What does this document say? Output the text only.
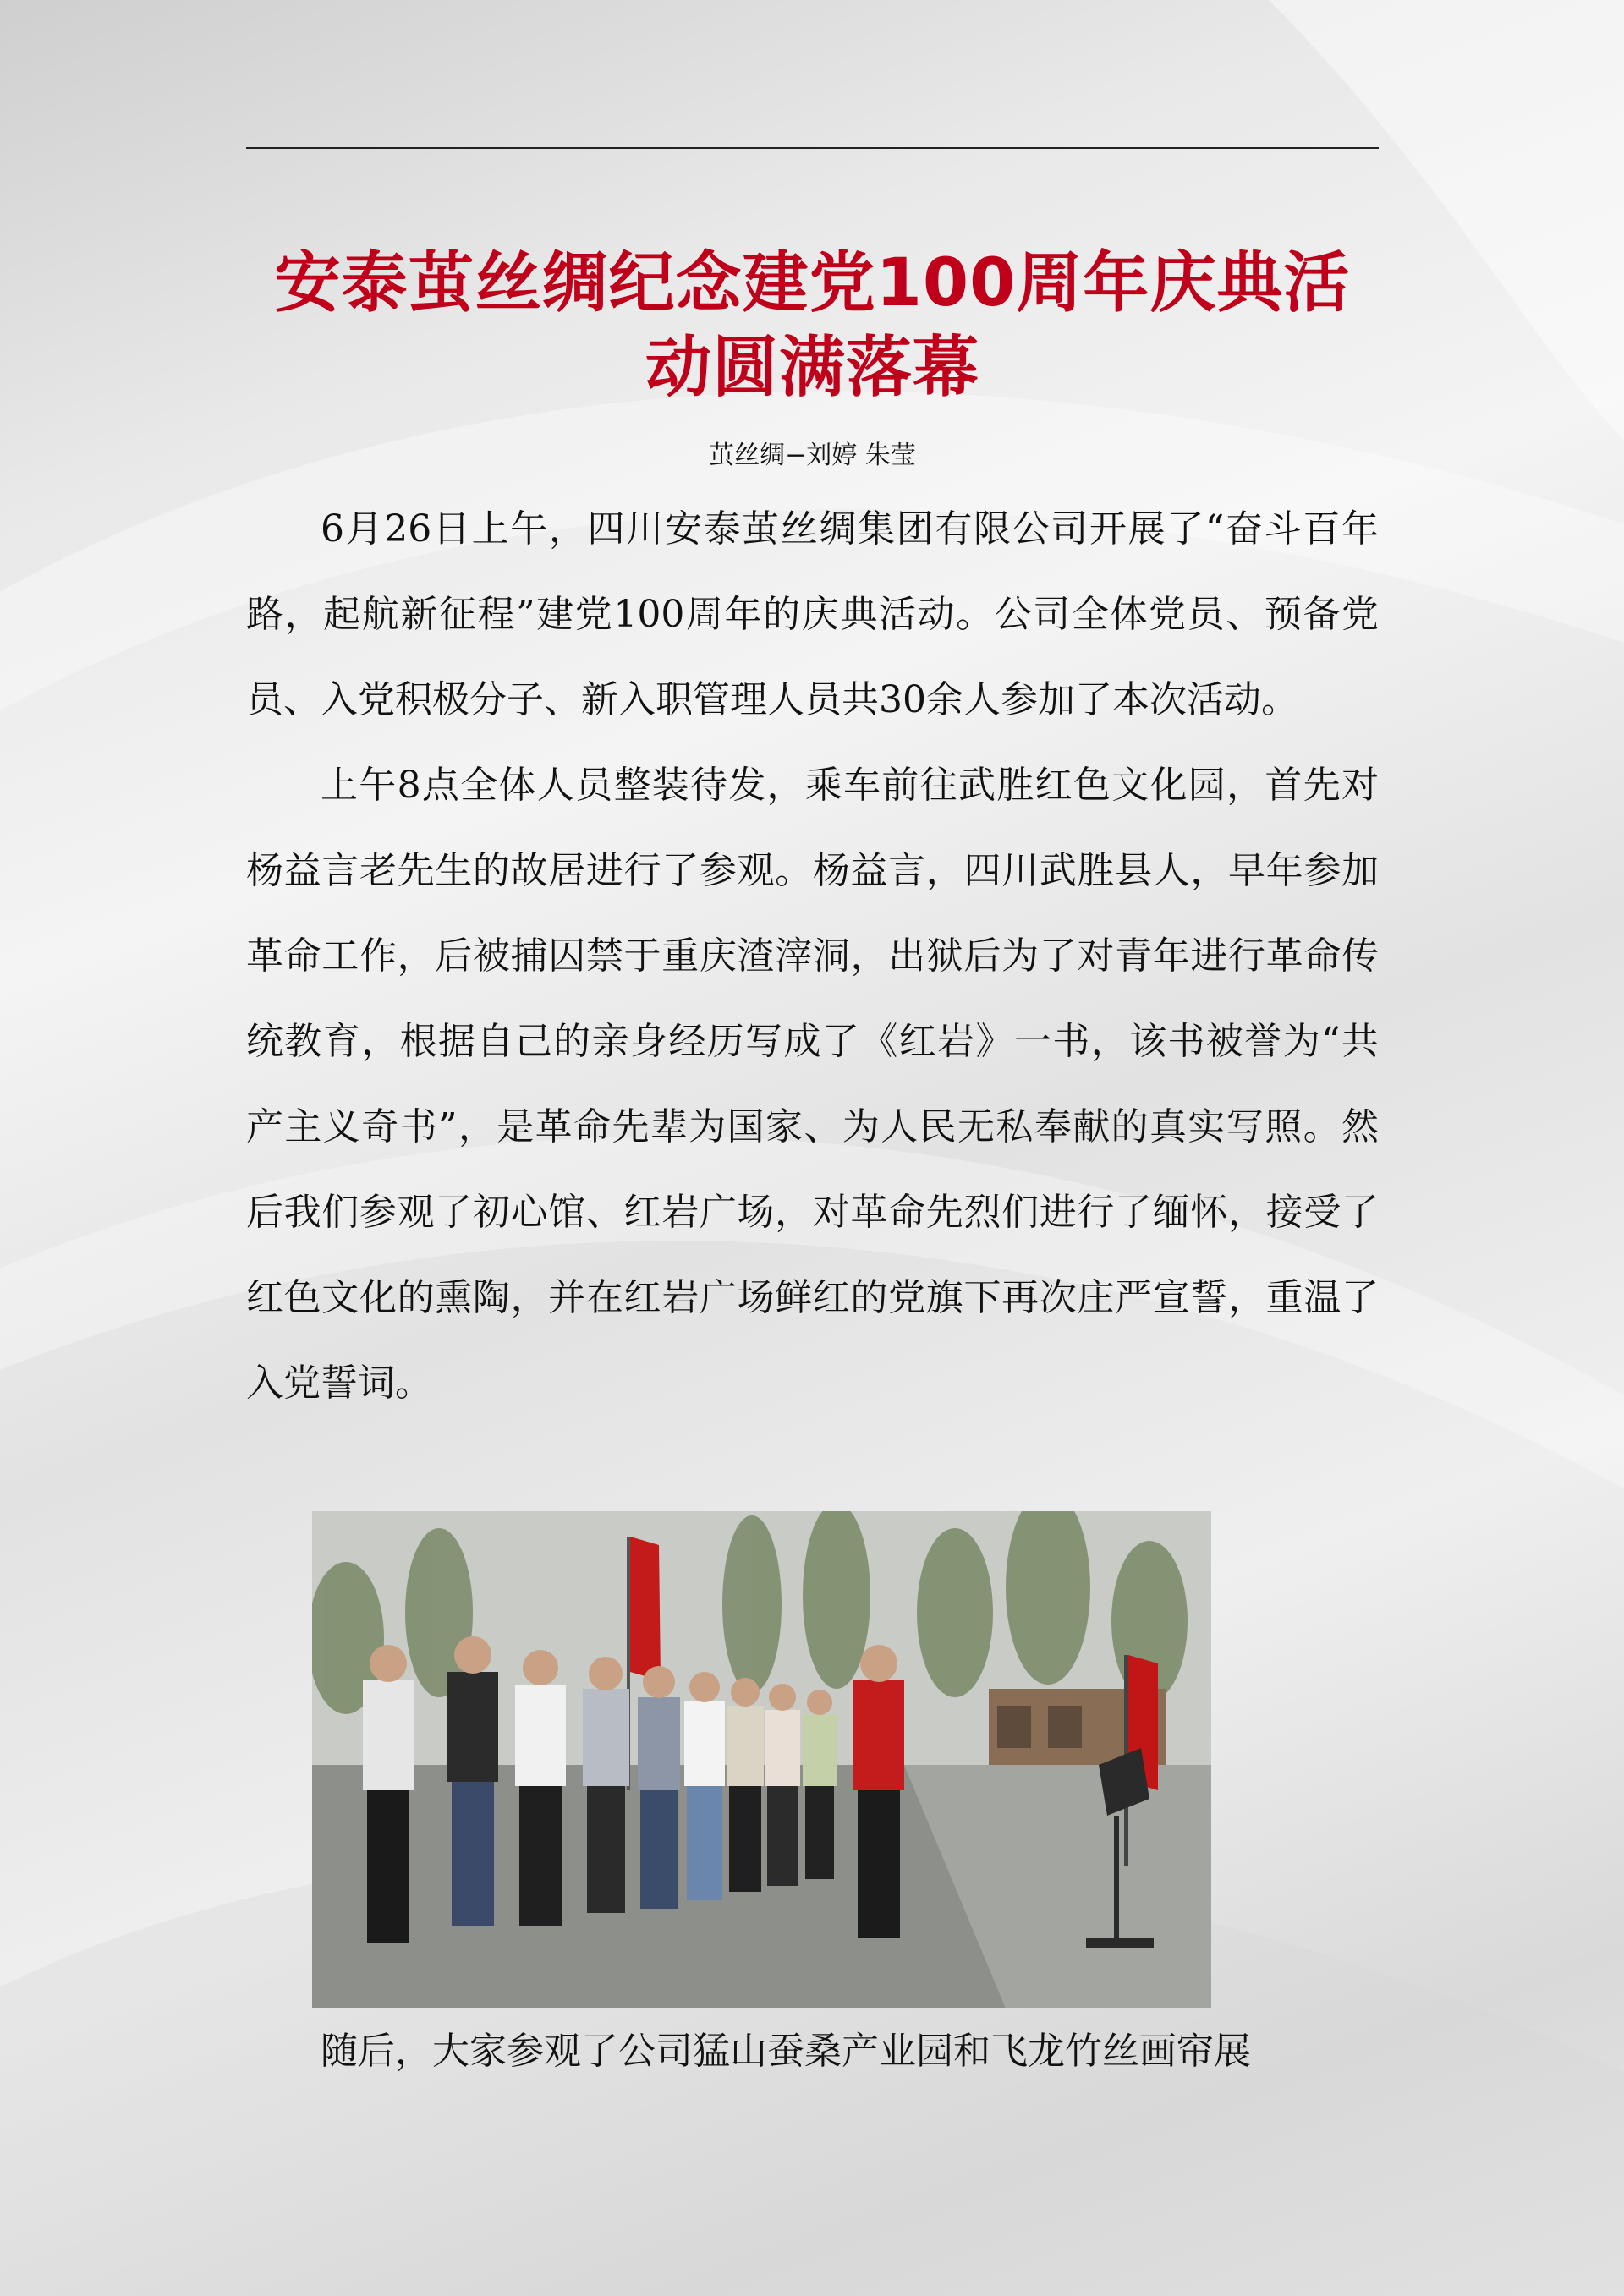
安泰茧丝绸纪念建党100周年庆典活动圆满落幕
茧丝绸−刘婷 朱莹

6月26日上午，四川安泰茧丝绸集团有限公司开展了“奋斗百年路，起航新征程”建党100周年的庆典活动。公司全体党员、预备党员、入党积极分子、新入职管理人员共30余人参加了本次活动。

上午8点全体人员整装待发，乘车前往武胜红色文化园，首先对杨益言老先生的故居进行了参观。杨益言，四川武胜县人，早年参加革命工作，后被捕囚禁于重庆渣滓洞，出狱后为了对青年进行革命传统教育，根据自己的亲身经历写成了《红岩》一书，该书被誉为“共产主义奇书”，是革命先辈为国家、为人民无私奉献的真实写照。然后我们参观了初心馆、红岩广场，对革命先烈们进行了缅怀，接受了红色文化的熏陶，并在红岩广场鲜红的党旗下再次庄严宣誓，重温了入党誓词。

随后，大家参观了公司猛山蚕桑产业园和飞龙竹丝画帘展
